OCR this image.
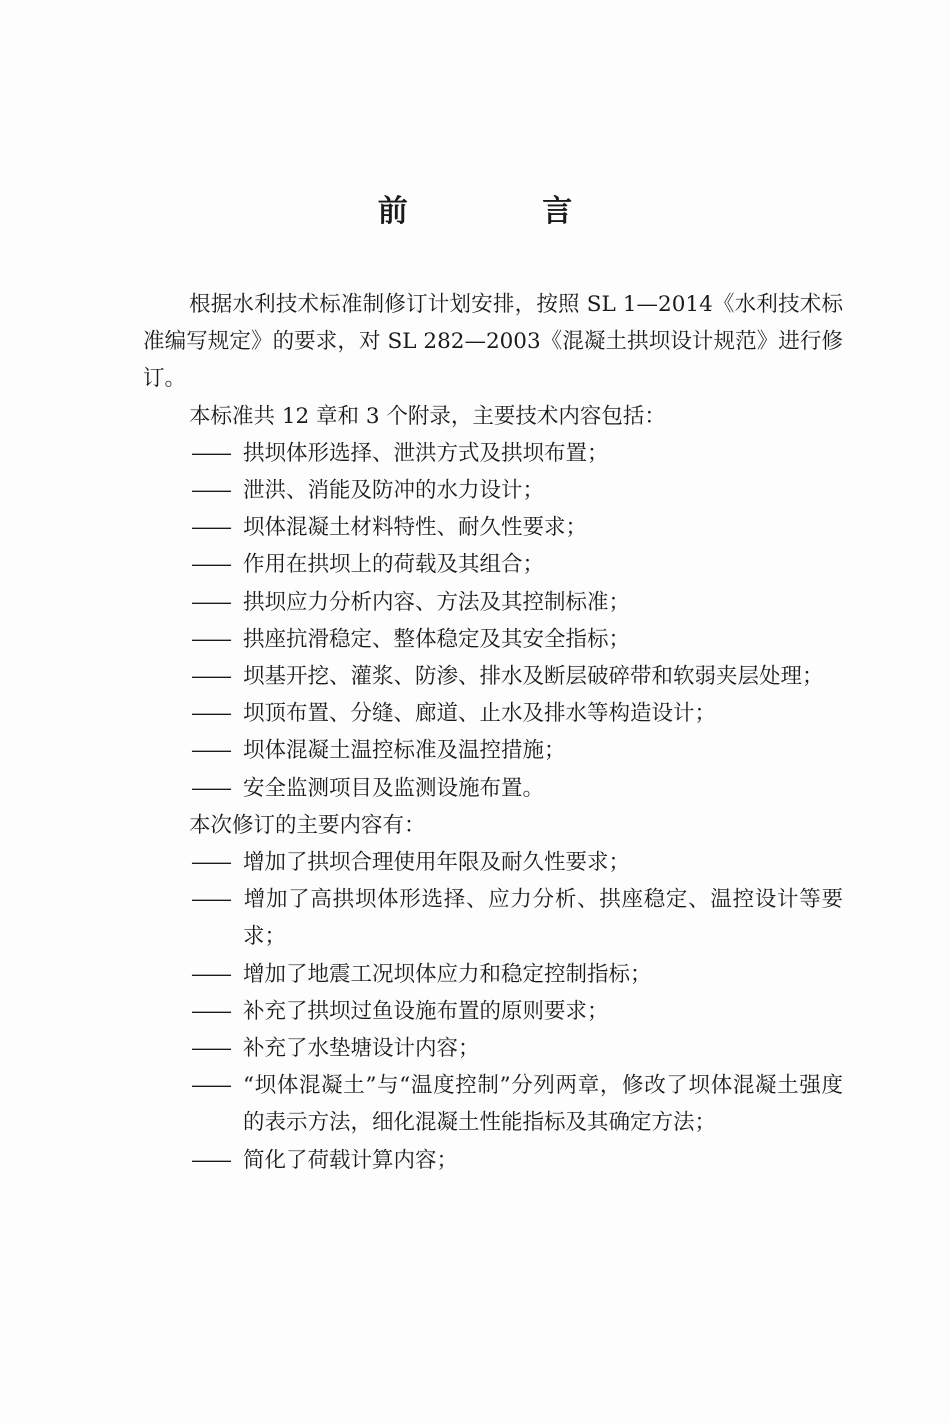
前 言

根据水利技术标准制修订计划安排，按照 SL 1—2014《水利技术标准编写规定》的要求，对 SL 282—2003《混凝土拱坝设计规范》进行修订。

本标准共 12 章和 3 个附录，主要技术内容包括：

—— 拱坝体形选择、泄洪方式及拱坝布置；

—— 泄洪、消能及防冲的水力设计；

—— 坝体混凝土材料特性、耐久性要求；

—— 作用在拱坝上的荷载及其组合；

—— 拱坝应力分析内容、方法及其控制标准；

—— 拱座抗滑稳定、整体稳定及其安全指标；

—— 坝基开挖、灌浆、防渗、排水及断层破碎带和软弱夹层处理；

—— 坝顶布置、分缝、廊道、止水及排水等构造设计；

—— 坝体混凝土温控标准及温控措施；

—— 安全监测项目及监测设施布置。

本次修订的主要内容有：

—— 增加了拱坝合理使用年限及耐久性要求；

—— 增加了高拱坝体形选择、应力分析、拱座稳定、温控设计等要求；

—— 增加了地震工况坝体应力和稳定控制指标；

—— 补充了拱坝过鱼设施布置的原则要求；

—— 补充了水垫塘设计内容；

—— “坝体混凝土”与“温度控制”分列两章，修改了坝体混凝土强度的表示方法，细化混凝土性能指标及其确定方法；

—— 简化了荷载计算内容；
